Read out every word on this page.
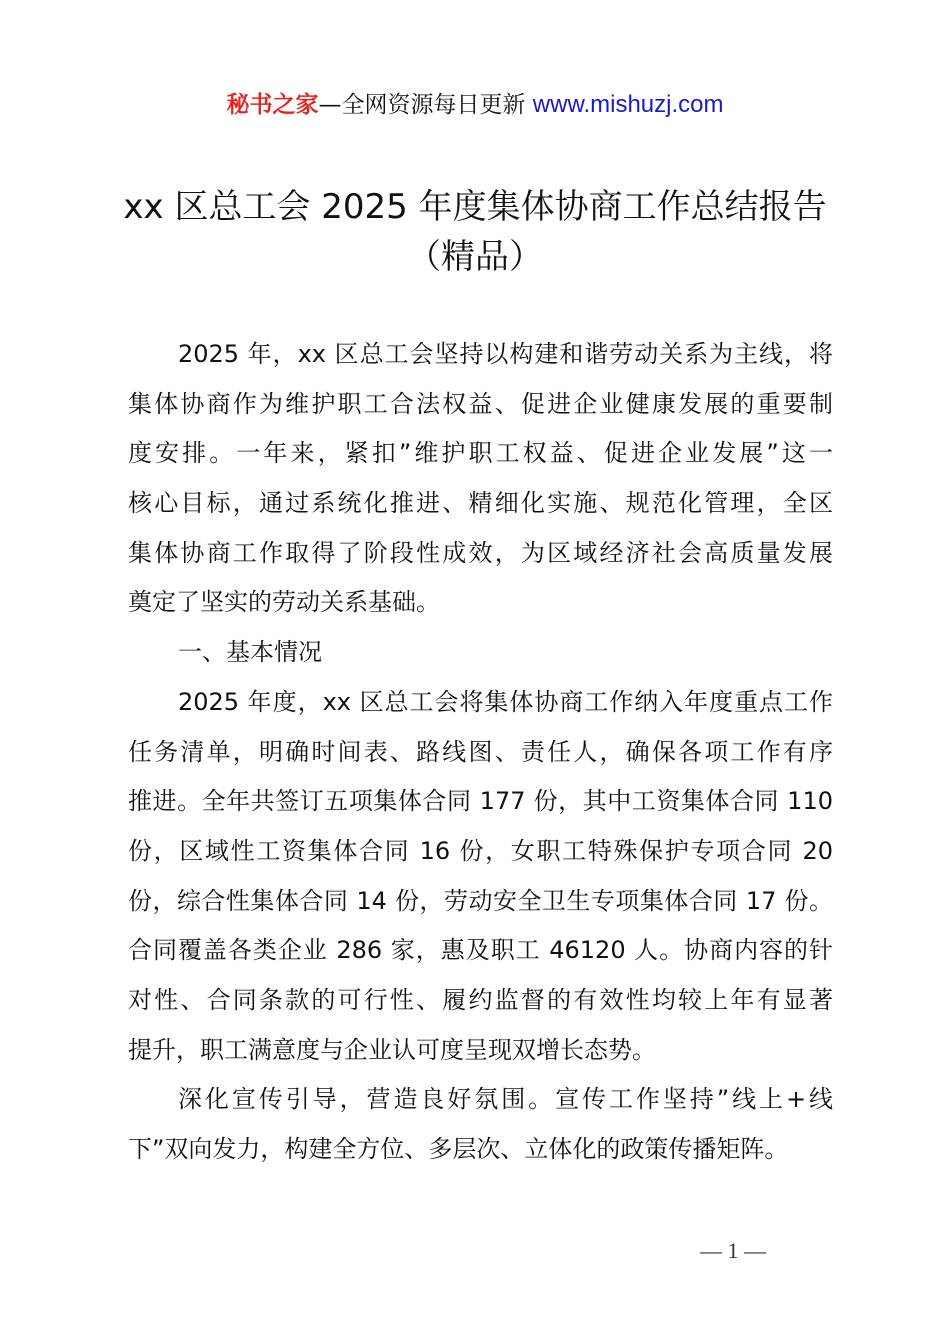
秘书之家—全网资源每日更新 www.mishuzj.com
xx 区总工会 2025 年度集体协商工作总结报告
（精品）
2025 年，xx 区总工会坚持以构建和谐劳动关系为主线，将
集体协商作为维护职工合法权益、促进企业健康发展的重要制
度安排。一年来，紧扣”维护职工权益、促进企业发展”这一
核心目标，通过系统化推进、精细化实施、规范化管理，全区
集体协商工作取得了阶段性成效，为区域经济社会高质量发展
奠定了坚实的劳动关系基础。
一、基本情况
2025 年度，xx 区总工会将集体协商工作纳入年度重点工作
任务清单，明确时间表、路线图、责任人，确保各项工作有序
推进。全年共签订五项集体合同 177 份，其中工资集体合同 110
份，区域性工资集体合同 16 份，女职工特殊保护专项合同 20
份，综合性集体合同 14 份，劳动安全卫生专项集体合同 17 份。
合同覆盖各类企业 286 家，惠及职工 46120 人。协商内容的针
对性、合同条款的可行性、履约监督的有效性均较上年有显著
提升，职工满意度与企业认可度呈现双增长态势。
深化宣传引导，营造良好氛围。宣传工作坚持”线上+线
下”双向发力，构建全方位、多层次、立体化的政策传播矩阵。
— 1 —
